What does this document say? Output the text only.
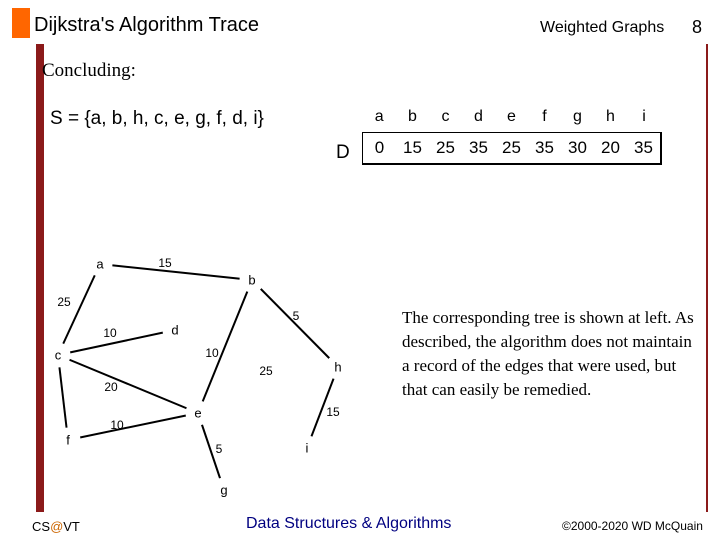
Dijkstra's Algorithm Trace	Weighted Graphs 8
Concluding:
S = {a, b, h, c, e, g, f, d, i}
D
a	b	c	d	e	f	g	h	i
0	15	25	35	25	35	30	20	35
15
25
10
5
10
25
20
10
15
5
a
b
c
d
e
f
g
h
i
The corresponding tree is shown at left. As described, the algorithm does not maintain a record of the edges that were used, but that can easily be remedied.
CS@VT	Data Structures & Algorithms	©2000-2020 WD McQuain
